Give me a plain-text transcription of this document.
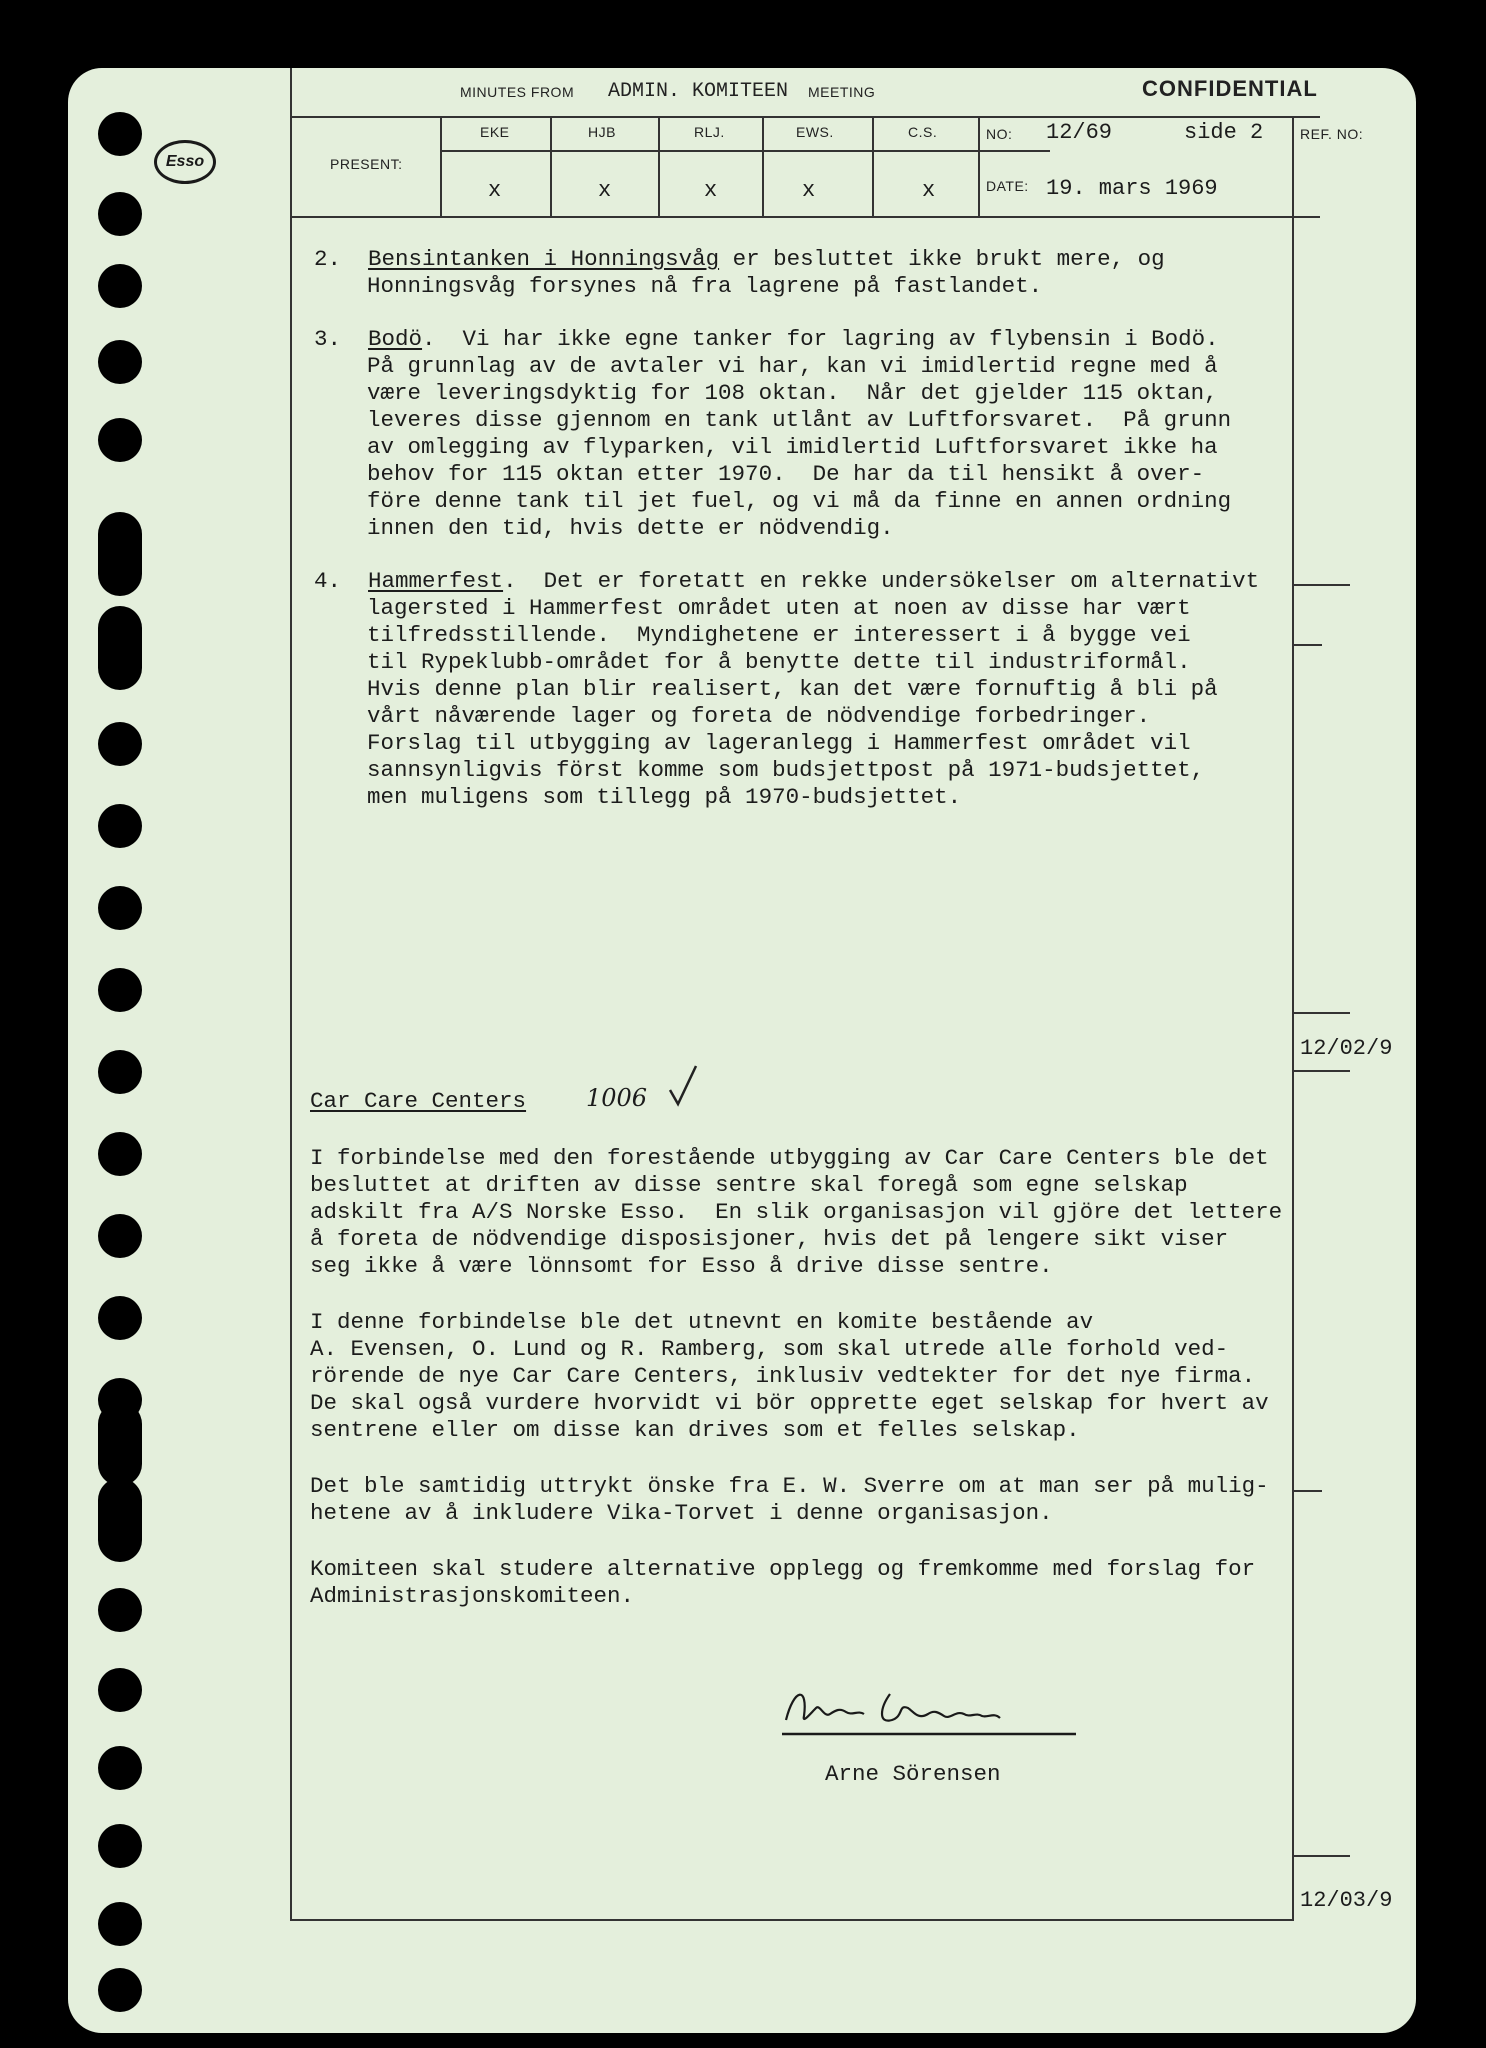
Esso
MINUTES FROM ADMIN. KOMITEEN MEETING	CONFIDENTIAL
PRESENT:
EKE	HJB	RLJ.	EWS.	C.S.
x	x	x	x	x
NO: 12/69	side 2	REF. NO:
DATE: 19. mars 1969
2. Bensintanken i Honningsvåg er besluttet ikke brukt mere, og
Honningsvåg forsynes nå fra lagrene på fastlandet.
3. Bodö.  Vi har ikke egne tanker for lagring av flybensin i Bodö.
På grunnlag av de avtaler vi har, kan vi imidlertid regne med å
være leveringsdyktig for 108 oktan.  Når det gjelder 115 oktan,
leveres disse gjennom en tank utlånt av Luftforsvaret.  På grunn
av omlegging av flyparken, vil imidlertid Luftforsvaret ikke ha
behov for 115 oktan etter 1970.  De har da til hensikt å over-
före denne tank til jet fuel, og vi må da finne en annen ordning
innen den tid, hvis dette er nödvendig.
4. Hammerfest.  Det er foretatt en rekke undersökelser om alternativt
lagersted i Hammerfest området uten at noen av disse har vært
tilfredsstillende.  Myndighetene er interessert i å bygge vei
til Rypeklubb-området for å benytte dette til industriformål.
Hvis denne plan blir realisert, kan det være fornuftig å bli på
vårt nåværende lager og foreta de nödvendige forbedringer.
Forslag til utbygging av lageranlegg i Hammerfest området vil
sannsynligvis först komme som budsjettpost på 1971-budsjettet,
men muligens som tillegg på 1970-budsjettet.
12/02/9
12/03/9
Car Care Centers 1006
I forbindelse med den forestående utbygging av Car Care Centers ble det
besluttet at driften av disse sentre skal foregå som egne selskap
adskilt fra A/S Norske Esso.  En slik organisasjon vil gjöre det lettere
å foreta de nödvendige disposisjoner, hvis det på lengere sikt viser
seg ikke å være lönnsomt for Esso å drive disse sentre.
I denne forbindelse ble det utnevnt en komite bestående av
A. Evensen, O. Lund og R. Ramberg, som skal utrede alle forhold ved-
rörende de nye Car Care Centers, inklusiv vedtekter for det nye firma.
De skal også vurdere hvorvidt vi bör opprette eget selskap for hvert av
sentrene eller om disse kan drives som et felles selskap.
Det ble samtidig uttrykt önske fra E. W. Sverre om at man ser på mulig-
hetene av å inkludere Vika-Torvet i denne organisasjon.
Komiteen skal studere alternative opplegg og fremkomme med forslag for
Administrasjonskomiteen.
Arne Sörensen
